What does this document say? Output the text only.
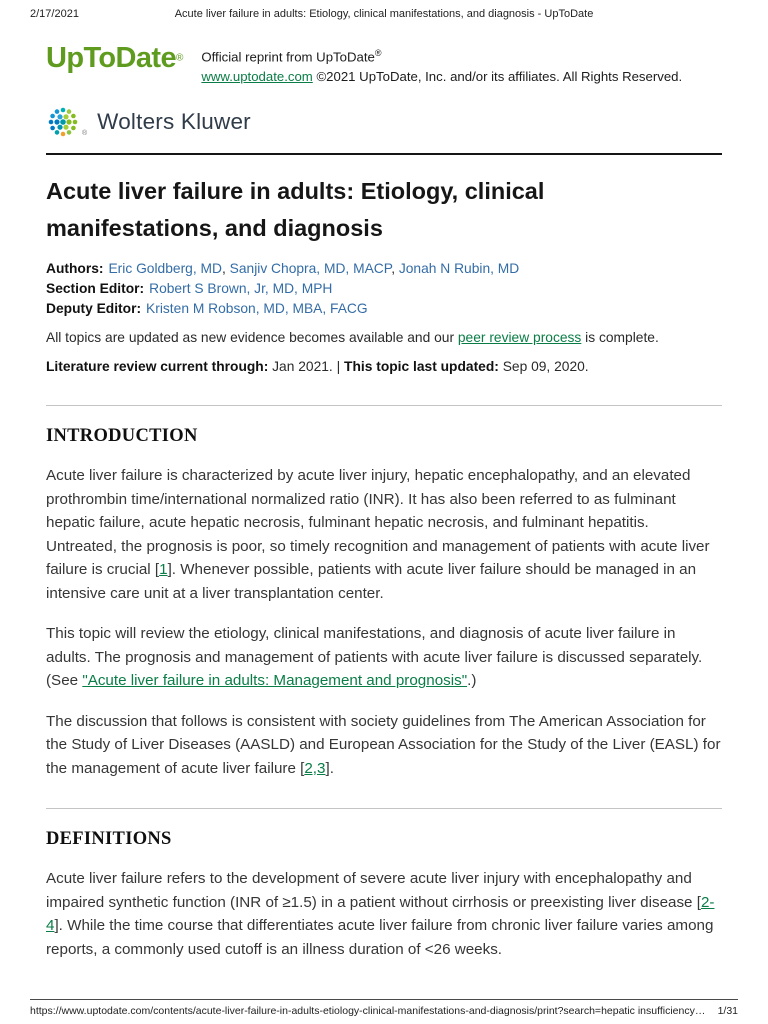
2/17/2021	Acute liver failure in adults: Etiology, clinical manifestations, and diagnosis - UpToDate
UpToDate® Official reprint from UpToDate®
www.uptodate.com ©2021 UpToDate, Inc. and/or its affiliates. All Rights Reserved.
® Wolters Kluwer
Acute liver failure in adults: Etiology, clinical manifestations, and diagnosis
Authors: Eric Goldberg, MD, Sanjiv Chopra, MD, MACP, Jonah N Rubin, MD
Section Editor: Robert S Brown, Jr, MD, MPH
Deputy Editor: Kristen M Robson, MD, MBA, FACG

All topics are updated as new evidence becomes available and our peer review process is complete.

Literature review current through: Jan 2021. | This topic last updated: Sep 09, 2020.

INTRODUCTION

Acute liver failure is characterized by acute liver injury, hepatic encephalopathy, and an elevated prothrombin time/international normalized ratio (INR). It has also been referred to as fulminant hepatic failure, acute hepatic necrosis, fulminant hepatic necrosis, and fulminant hepatitis. Untreated, the prognosis is poor, so timely recognition and management of patients with acute liver failure is crucial [1]. Whenever possible, patients with acute liver failure should be managed in an intensive care unit at a liver transplantation center.

This topic will review the etiology, clinical manifestations, and diagnosis of acute liver failure in adults. The prognosis and management of patients with acute liver failure is discussed separately. (See "Acute liver failure in adults: Management and prognosis".)

The discussion that follows is consistent with society guidelines from The American Association for the Study of Liver Diseases (AASLD) and European Association for the Study of the Liver (EASL) for the management of acute liver failure [2,3].

DEFINITIONS

Acute liver failure refers to the development of severe acute liver injury with encephalopathy and impaired synthetic function (INR of ≥1.5) in a patient without cirrhosis or preexisting liver disease [2-4]. While the time course that differentiates acute liver failure from chronic liver failure varies among reports, a commonly used cutoff is an illness duration of <26 weeks.

https://www.uptodate.com/contents/acute-liver-failure-in-adults-etiology-clinical-manifestations-and-diagnosis/print?search=hepatic insufficiency… 1/31
